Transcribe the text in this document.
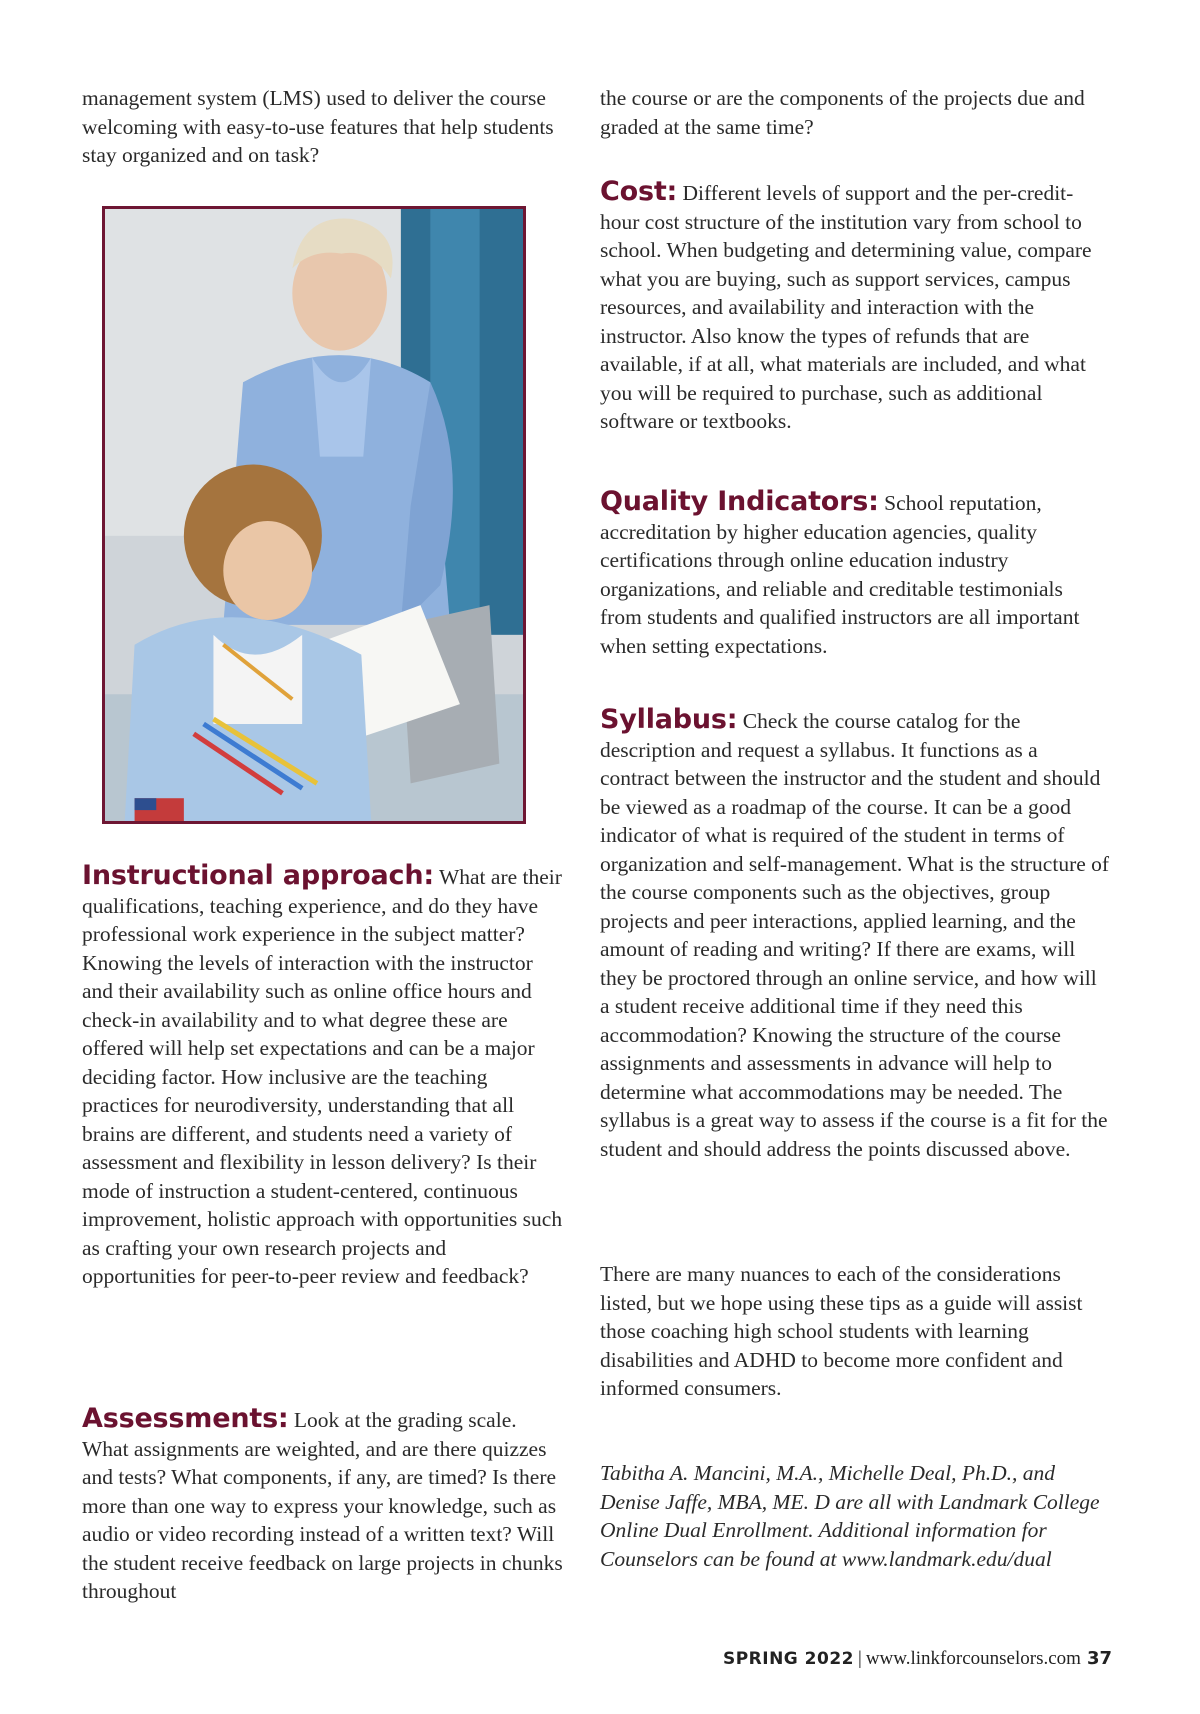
management system (LMS) used to deliver the course welcoming with easy-to-use features that help students stay organized and on task?

Instructional approach: What are their qualifications, teaching experience, and do they have professional work experience in the subject matter? Knowing the levels of interaction with the instructor and their availability such as online office hours and check-in availability and to what degree these are offered will help set expectations and can be a major deciding factor. How inclusive are the teaching practices for neurodiversity, understanding that all brains are different, and students need a variety of assessment and flexibility in lesson delivery? Is their mode of instruction a student-centered, continuous improvement, holistic approach with opportunities such as crafting your own research projects and opportunities for peer-to-peer review and feedback?

Assessments: Look at the grading scale. What assignments are weighted, and are there quizzes and tests? What components, if any, are timed? Is there more than one way to express your knowledge, such as audio or video recording instead of a written text? Will the student receive feedback on large projects in chunks throughout

the course or are the components of the projects due and graded at the same time?

Cost: Different levels of support and the per-credit-hour cost structure of the institution vary from school to school. When budgeting and determining value, compare what you are buying, such as support services, campus resources, and availability and interaction with the instructor. Also know the types of refunds that are available, if at all, what materials are included, and what you will be required to purchase, such as additional software or textbooks.

Quality Indicators: School reputation, accreditation by higher education agencies, quality certifications through online education industry organizations, and reliable and creditable testimonials from students and qualified instructors are all important when setting expectations.

Syllabus: Check the course catalog for the description and request a syllabus. It functions as a contract between the instructor and the student and should be viewed as a roadmap of the course. It can be a good indicator of what is required of the student in terms of organization and self-management. What is the structure of the course components such as the objectives, group projects and peer interactions, applied learning, and the amount of reading and writing? If there are exams, will they be proctored through an online service, and how will a student receive additional time if they need this accommodation? Knowing the structure of the course assignments and assessments in advance will help to determine what accommodations may be needed. The syllabus is a great way to assess if the course is a fit for the student and should address the points discussed above.

There are many nuances to each of the considerations listed, but we hope using these tips as a guide will assist those coaching high school students with learning disabilities and ADHD to become more confident and informed consumers.

Tabitha A. Mancini, M.A., Michelle Deal, Ph.D., and Denise Jaffe, MBA, ME. D are all with Landmark College Online Dual Enrollment. Additional information for Counselors can be found at www.landmark.edu/dual

SPRING 2022 | www.linkforcounselors.com 37
